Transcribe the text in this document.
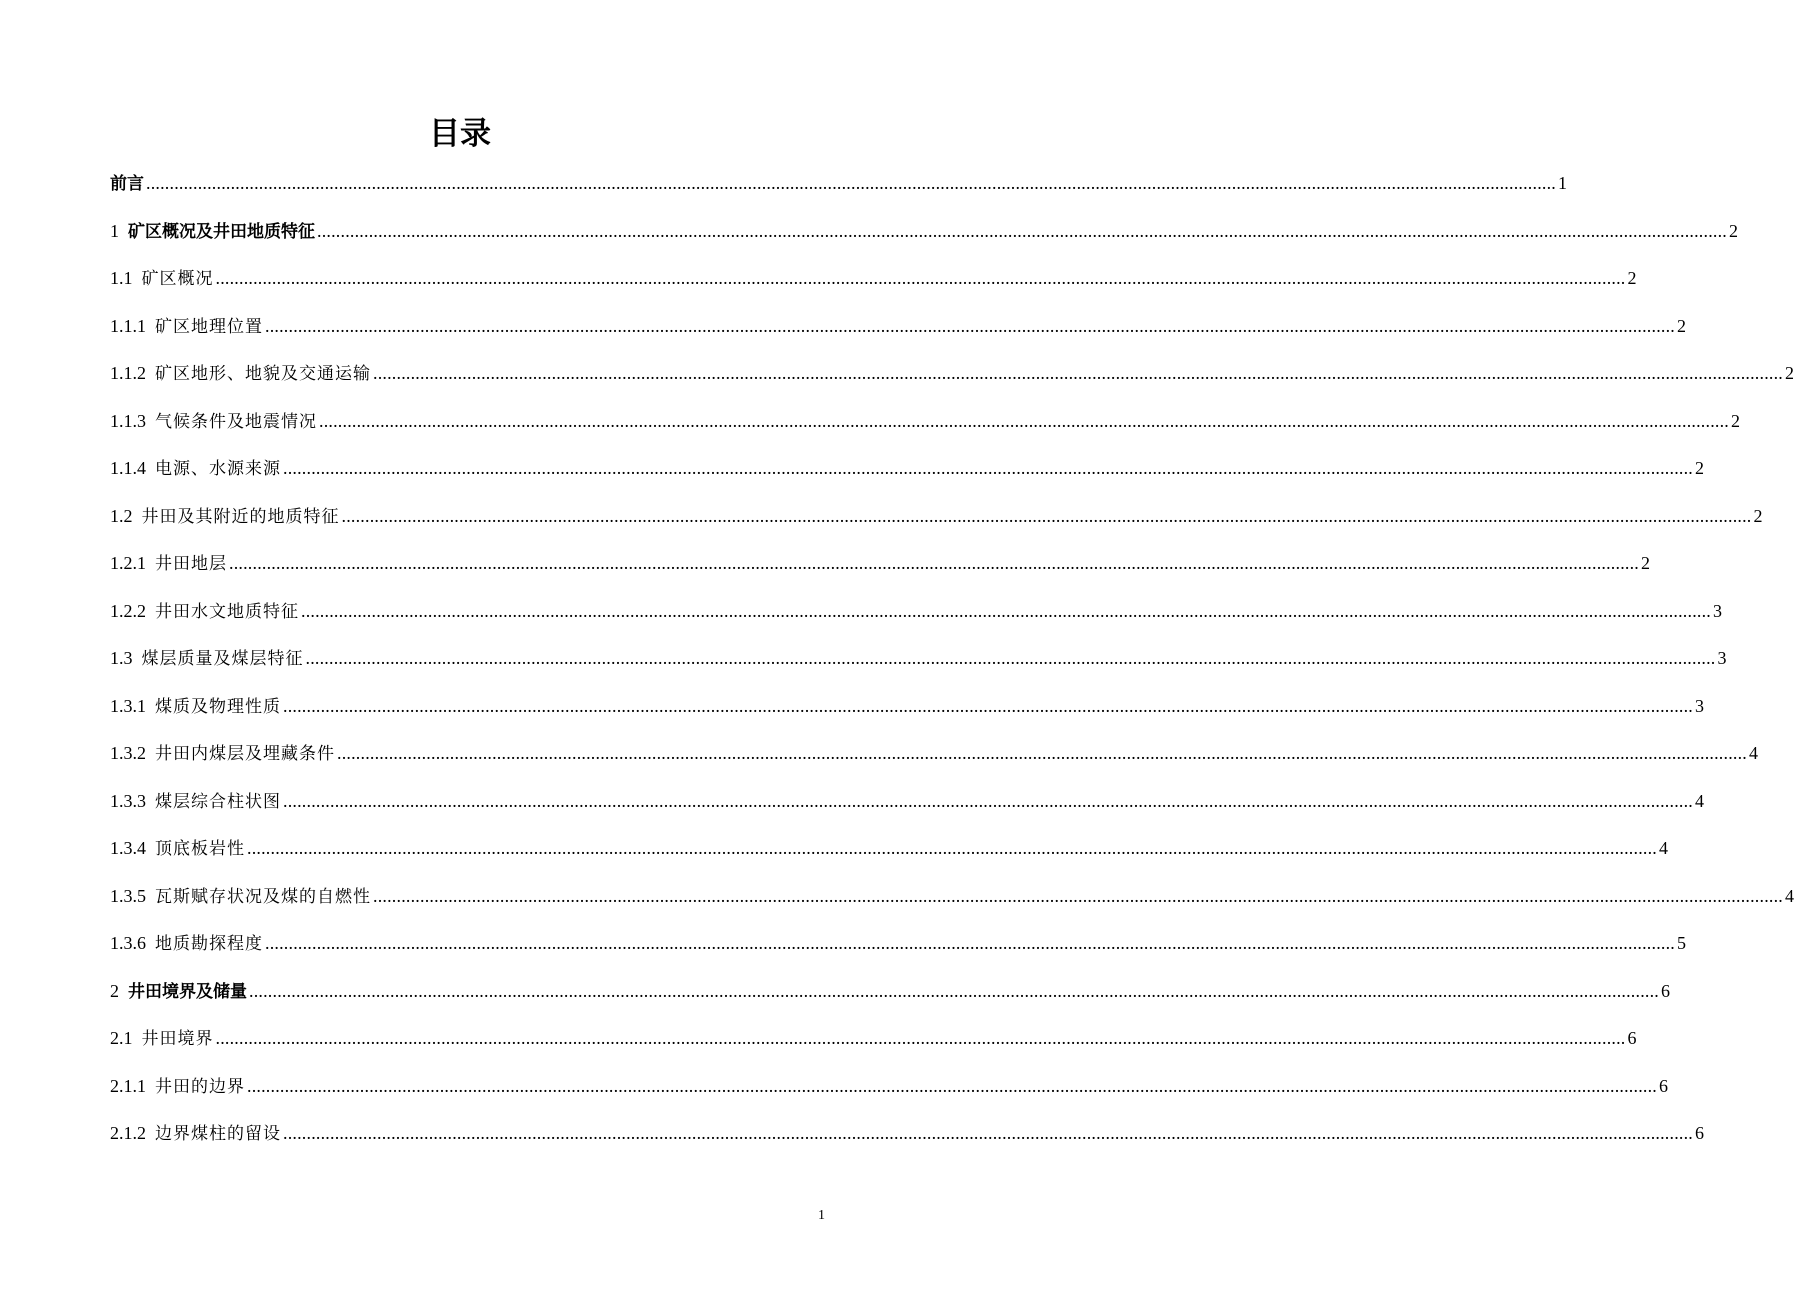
目录
前言 ............................................................................................................................................................................................................................................................................................................ 1
1 矿区概况及井田地质特征 ............................................................................................................................................................................................................................................................................................................ 2
1.1 矿区概况 ............................................................................................................................................................................................................................................................................................................ 2
1.1.1 矿区地理位置 ............................................................................................................................................................................................................................................................................................................ 2
1.1.2 矿区地形、地貌及交通运输 ............................................................................................................................................................................................................................................................................................................ 2
1.1.3 气候条件及地震情况 ............................................................................................................................................................................................................................................................................................................ 2
1.1.4 电源、水源来源 ............................................................................................................................................................................................................................................................................................................ 2
1.2 井田及其附近的地质特征 ............................................................................................................................................................................................................................................................................................................ 2
1.2.1 井田地层 ............................................................................................................................................................................................................................................................................................................ 2
1.2.2 井田水文地质特征 ............................................................................................................................................................................................................................................................................................................ 3
1.3 煤层质量及煤层特征 ............................................................................................................................................................................................................................................................................................................ 3
1.3.1 煤质及物理性质 ............................................................................................................................................................................................................................................................................................................ 3
1.3.2 井田内煤层及埋藏条件 ............................................................................................................................................................................................................................................................................................................ 4
1.3.3 煤层综合柱状图 ............................................................................................................................................................................................................................................................................................................ 4
1.3.4 顶底板岩性 ............................................................................................................................................................................................................................................................................................................ 4
1.3.5 瓦斯赋存状况及煤的自燃性 ............................................................................................................................................................................................................................................................................................................ 4
1.3.6 地质勘探程度 ............................................................................................................................................................................................................................................................................................................ 5
2 井田境界及储量 ............................................................................................................................................................................................................................................................................................................ 6
2.1 井田境界 ............................................................................................................................................................................................................................................................................................................ 6
2.1.1 井田的边界 ............................................................................................................................................................................................................................................................................................................ 6
2.1.2 边界煤柱的留设 ............................................................................................................................................................................................................................................................................................................ 6
1
